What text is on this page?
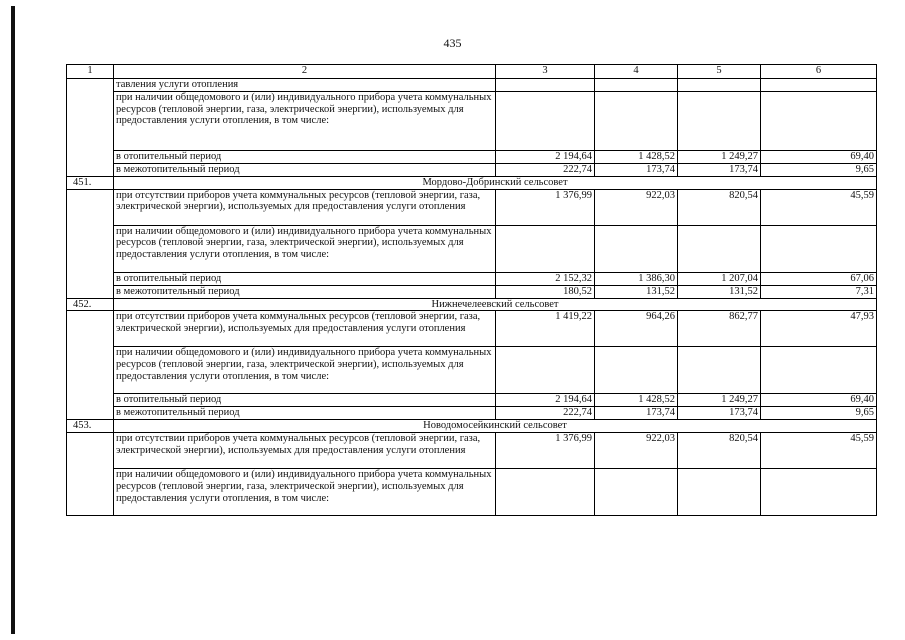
435
1	2	3	4	5	6
	тавления услуги отопления				
	при наличии общедомового и (или) индивидуального прибора учета коммунальных ресурсов (тепловой энергии, газа, электрической энергии), используемых для предоставления услуги отопления, в том числе:				
	в отопительный период	2 194,64	1 428,52	1 249,27	69,40
	в межотопительный период	222,74	173,74	173,74	9,65
451.	Мордово-Добринский сельсовет				
	при отсутствии приборов учета коммунальных ресурсов (тепловой энергии, газа, электрической энергии), используемых для предоставления услуги отопления	1 376,99	922,03	820,54	45,59
	при наличии общедомового и (или) индивидуального прибора учета коммунальных ресурсов (тепловой энергии, газа, электрической энергии), используемых для предоставления услуги отопления, в том числе:				
	в отопительный период	2 152,32	1 386,30	1 207,04	67,06
	в межотопительный период	180,52	131,52	131,52	7,31
452.	Нижнечелеевский сельсовет				
	при отсутствии приборов учета коммунальных ресурсов (тепловой энергии, газа, электрической энергии), используемых для предоставления услуги отопления	1 419,22	964,26	862,77	47,93
	при наличии общедомового и (или) индивидуального прибора учета коммунальных ресурсов (тепловой энергии, газа, электрической энергии), используемых для предоставления услуги отопления, в том числе:				
	в отопительный период	2 194,64	1 428,52	1 249,27	69,40
	в межотопительный период	222,74	173,74	173,74	9,65
453.	Новодомосейкинский сельсовет				
	при отсутствии приборов учета коммунальных ресурсов (тепловой энергии, газа, электрической энергии), используемых для предоставления услуги отопления	1 376,99	922,03	820,54	45,59
	при наличии общедомового и (или) индивидуального прибора учета коммунальных ресурсов (тепловой энергии, газа, электрической энергии), используемых для предоставления услуги отопления, в том числе:				
